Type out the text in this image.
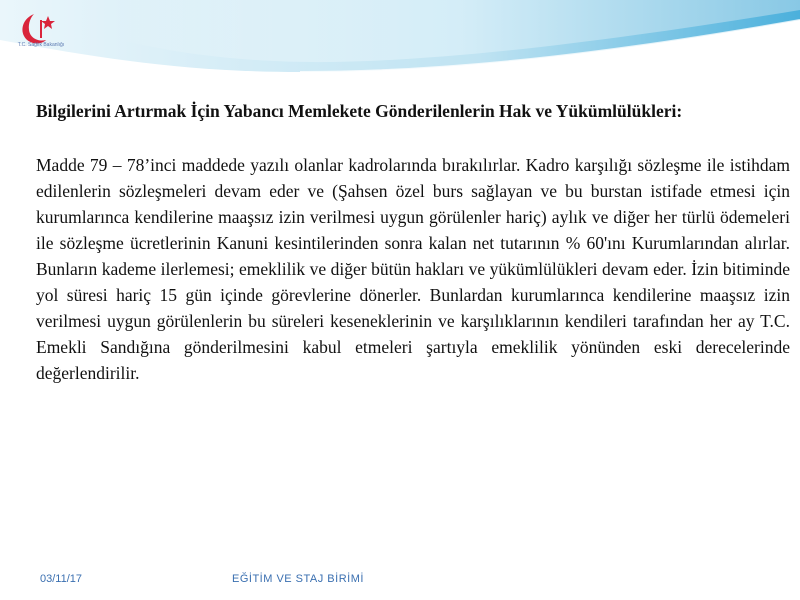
T.C. Sağlık Bakanlığı

Bilgilerini Artırmak İçin Yabancı Memlekete Gönderilenlerin Hak ve Yükümlülükleri:

Madde 79 – 78’inci maddede yazılı olanlar kadrolarında bırakılırlar. Kadro karşılığı sözleşme ile istihdam edilenlerin sözleşmeleri devam eder ve (Şahsen özel burs sağlayan ve bu burstan istifade etmesi için kurumlarınca kendilerine maaşsız izin verilmesi uygun görülenler hariç) aylık ve diğer her türlü ödemeleri ile sözleşme ücretlerinin Kanuni kesintilerinden sonra kalan net tutarının % 60'ını Kurumlarından alırlar. Bunların kademe ilerlemesi; emeklilik ve diğer bütün hakları ve yükümlülükleri devam eder. İzin bitiminde yol süresi hariç 15 gün içinde görevlerine dönerler. Bunlardan kurumlarınca kendilerine maaşsız izin verilmesi uygun görülenlerin bu süreleri keseneklerinin ve karşılıklarının kendileri tarafından her ay T.C. Emekli Sandığına gönderilmesini kabul etmeleri şartıyla emeklilik yönünden eski derecelerinde değerlendirilir.

03/11/17	EĞİTİM VE STAJ BİRİMİ
